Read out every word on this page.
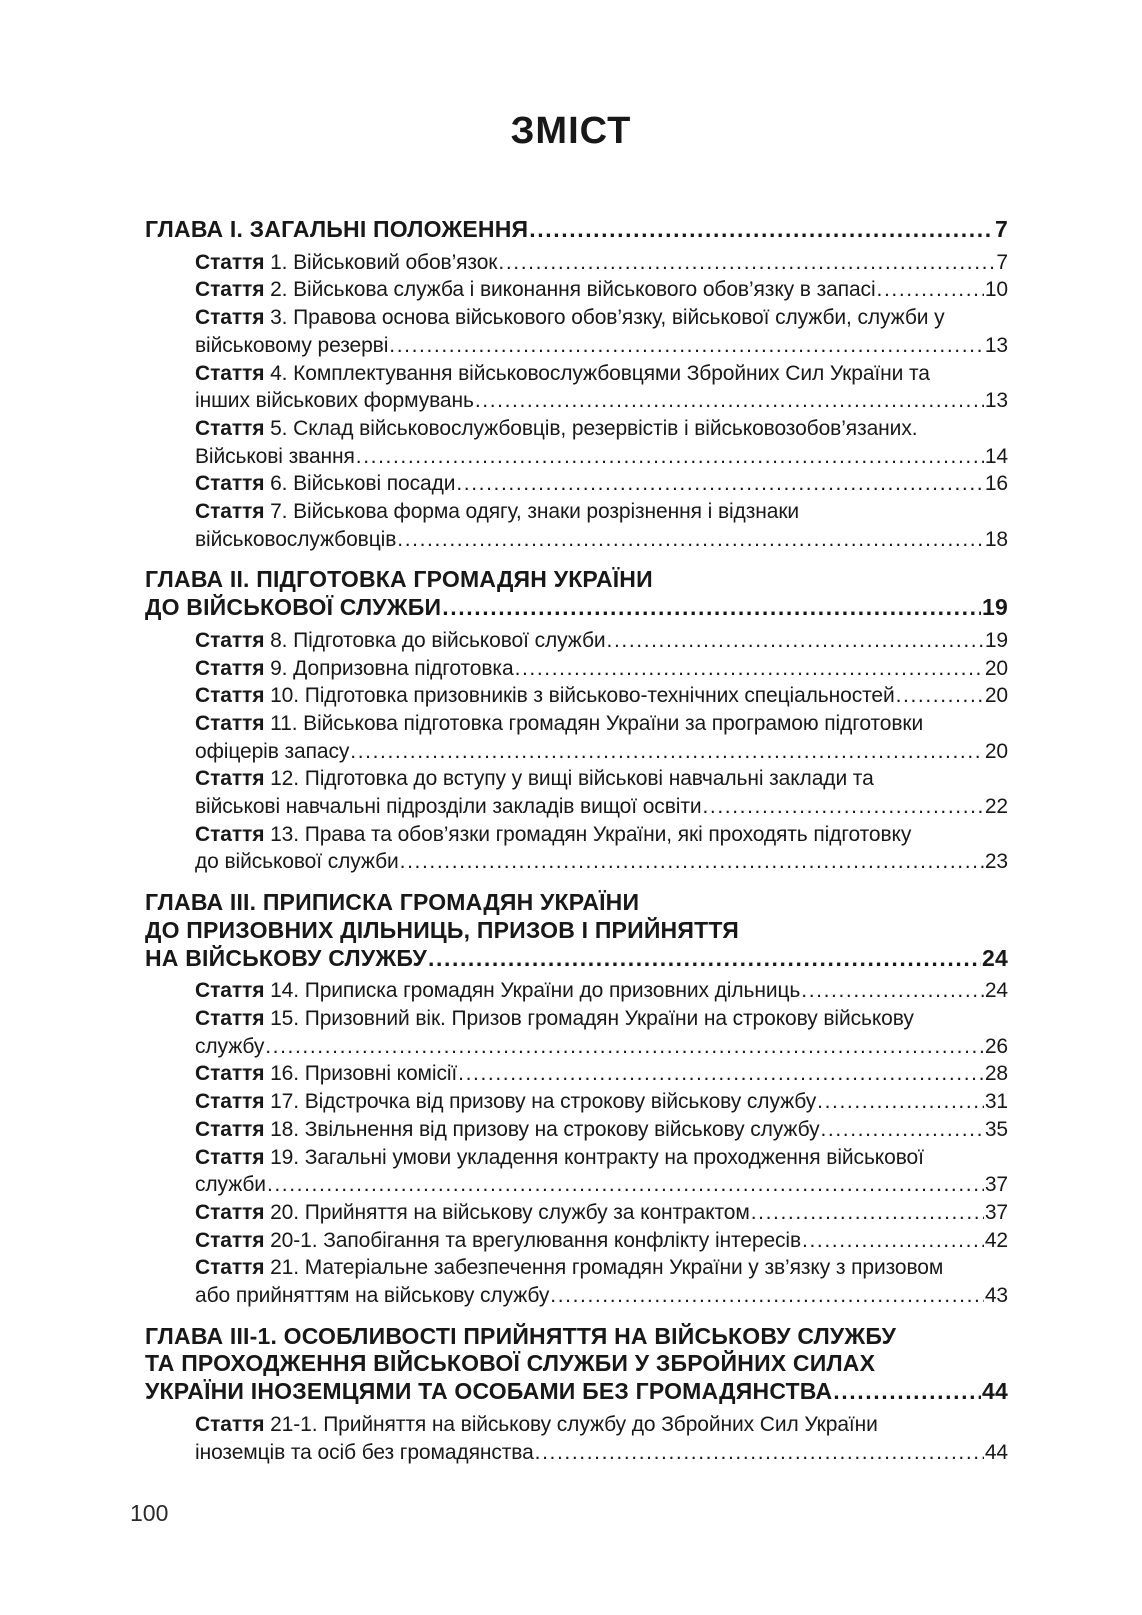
ЗМІСТ
ГЛАВА I. ЗАГАЛЬНІ ПОЛОЖЕННЯ .....	7
Стаття 1. Військовий обов’язок .....	7
Стаття 2. Військова служба і виконання військового обов’язку в запасі .....	10
Стаття 3. Правова основа військового обов’язку, військової служби, служби у
військовому резерві .....	13
Стаття 4. Комплектування військовослужбовцями Збройних Сил України та
інших військових формувань .....	13
Стаття 5. Склад військовослужбовців, резервістів і військовозобов’язаних.
Військові звання .....	14
Стаття 6. Військові посади .....	16
Стаття 7. Військова форма одягу, знаки розрізнення і відзнаки
військовослужбовців .....	18
ГЛАВА II. ПІДГОТОВКА ГРОМАДЯН УКРАЇНИ
ДО ВІЙСЬКОВОЇ СЛУЖБИ .....	19
Стаття 8. Підготовка до військової служби .....	19
Стаття 9. Допризовна підготовка .....	20
Стаття 10. Підготовка призовників з військово-технічних спеціальностей .....	20
Стаття 11. Військова підготовка громадян України за програмою підготовки
офіцерів запасу .....	20
Стаття 12. Підготовка до вступу у вищі військові навчальні заклади та
військові навчальні підрозділи закладів вищої освіти .....	22
Стаття 13. Права та обов’язки громадян України, які проходять підготовку
до військової служби .....	23
ГЛАВА III. ПРИПИСКА ГРОМАДЯН УКРАЇНИ
ДО ПРИЗОВНИХ ДІЛЬНИЦЬ, ПРИЗОВ І ПРИЙНЯТТЯ
НА ВІЙСЬКОВУ СЛУЖБУ .....	24
Стаття 14. Приписка громадян України до призовних дільниць .....	24
Стаття 15. Призовний вік. Призов громадян України на строкову військову
службу .....	26
Стаття 16. Призовні комісії .....	28
Стаття 17. Відстрочка від призову на строкову військову службу .....	31
Стаття 18. Звільнення від призову на строкову військову службу .....	35
Стаття 19. Загальні умови укладення контракту на проходження військової
служби .....	37
Стаття 20. Прийняття на військову службу за контрактом .....	37
Стаття 20-1. Запобігання та врегулювання конфлікту інтересів .....	42
Стаття 21. Матеріальне забезпечення громадян України у зв’язку з призовом
або прийняттям на військову службу .....	43
ГЛАВА III-1. ОСОБЛИВОСТІ ПРИЙНЯТТЯ НА ВІЙСЬКОВУ СЛУЖБУ
ТА ПРОХОДЖЕННЯ ВІЙСЬКОВОЇ СЛУЖБИ У ЗБРОЙНИХ СИЛАХ
УКРАЇНИ ІНОЗЕМЦЯМИ ТА ОСОБАМИ БЕЗ ГРОМАДЯНСТВА .....	44
Стаття 21-1. Прийняття на військову службу до Збройних Сил України
іноземців та осіб без громадянства .....	44
100
